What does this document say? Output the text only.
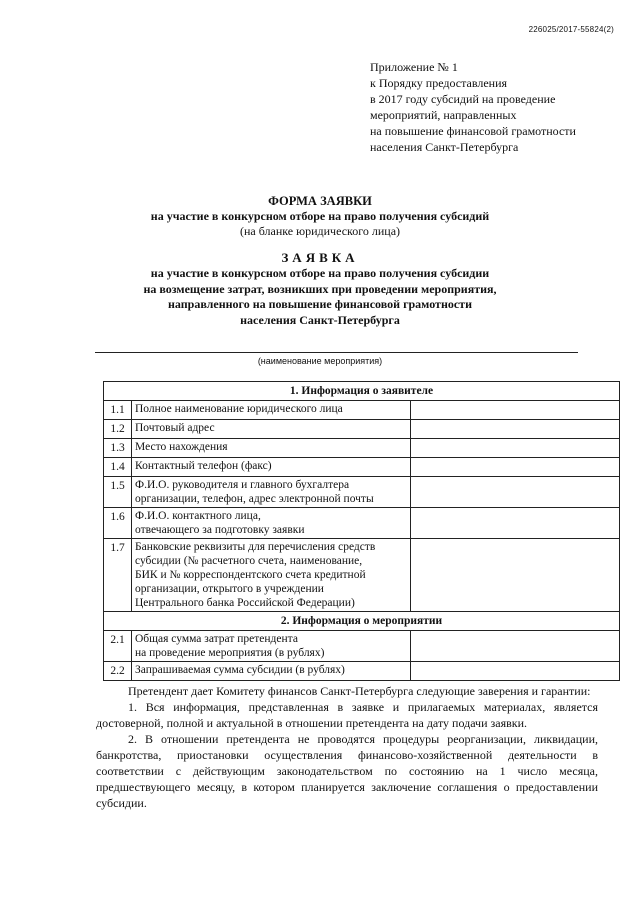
226025/2017-55824(2)
Приложение № 1
к Порядку предоставления
в 2017 году субсидий на проведение
мероприятий, направленных
на повышение финансовой грамотности
населения Санкт-Петербурга
ФОРМА ЗАЯВКИ
на участие в конкурсном отборе на право получения субсидий
(на бланке юридического лица)
ЗАЯВКА
на участие в конкурсном отборе на право получения субсидии
на возмещение затрат, возникших при проведении мероприятия,
направленного на повышение финансовой грамотности
населения Санкт-Петербурга
(наименование мероприятия)
1. Информация о заявителе		
1.1	Полное наименование юридического лица	
1.2	Почтовый адрес	
1.3	Место нахождения	
1.4	Контактный телефон (факс)	
1.5	Ф.И.О. руководителя и главного бухгалтера
организации, телефон, адрес электронной почты	
1.6	Ф.И.О. контактного лица,
отвечающего за подготовку заявки	
1.7	Банковские реквизиты для перечисления средств
субсидии (№ расчетного счета, наименование,
БИК и № корреспондентского счета кредитной
организации, открытого в учреждении
Центрального банка Российской Федерации)	
2. Информация о мероприятии		
2.1	Общая сумма затрат претендента
на проведение мероприятия (в рублях)	
2.2	Запрашиваемая сумма субсидии (в рублях)	
Претендент дает Комитету финансов Санкт-Петербурга следующие заверения и гарантии:
1. Вся информация, представленная в заявке и прилагаемых материалах, является достоверной, полной и актуальной в отношении претендента на дату подачи заявки.
2. В отношении претендента не проводятся процедуры реорганизации, ликвидации, банкротства, приостановки осуществления финансово-хозяйственной деятельности в соответствии с действующим законодательством по состоянию на 1 число месяца, предшествующего месяцу, в котором планируется заключение соглашения о предоставлении субсидии.
